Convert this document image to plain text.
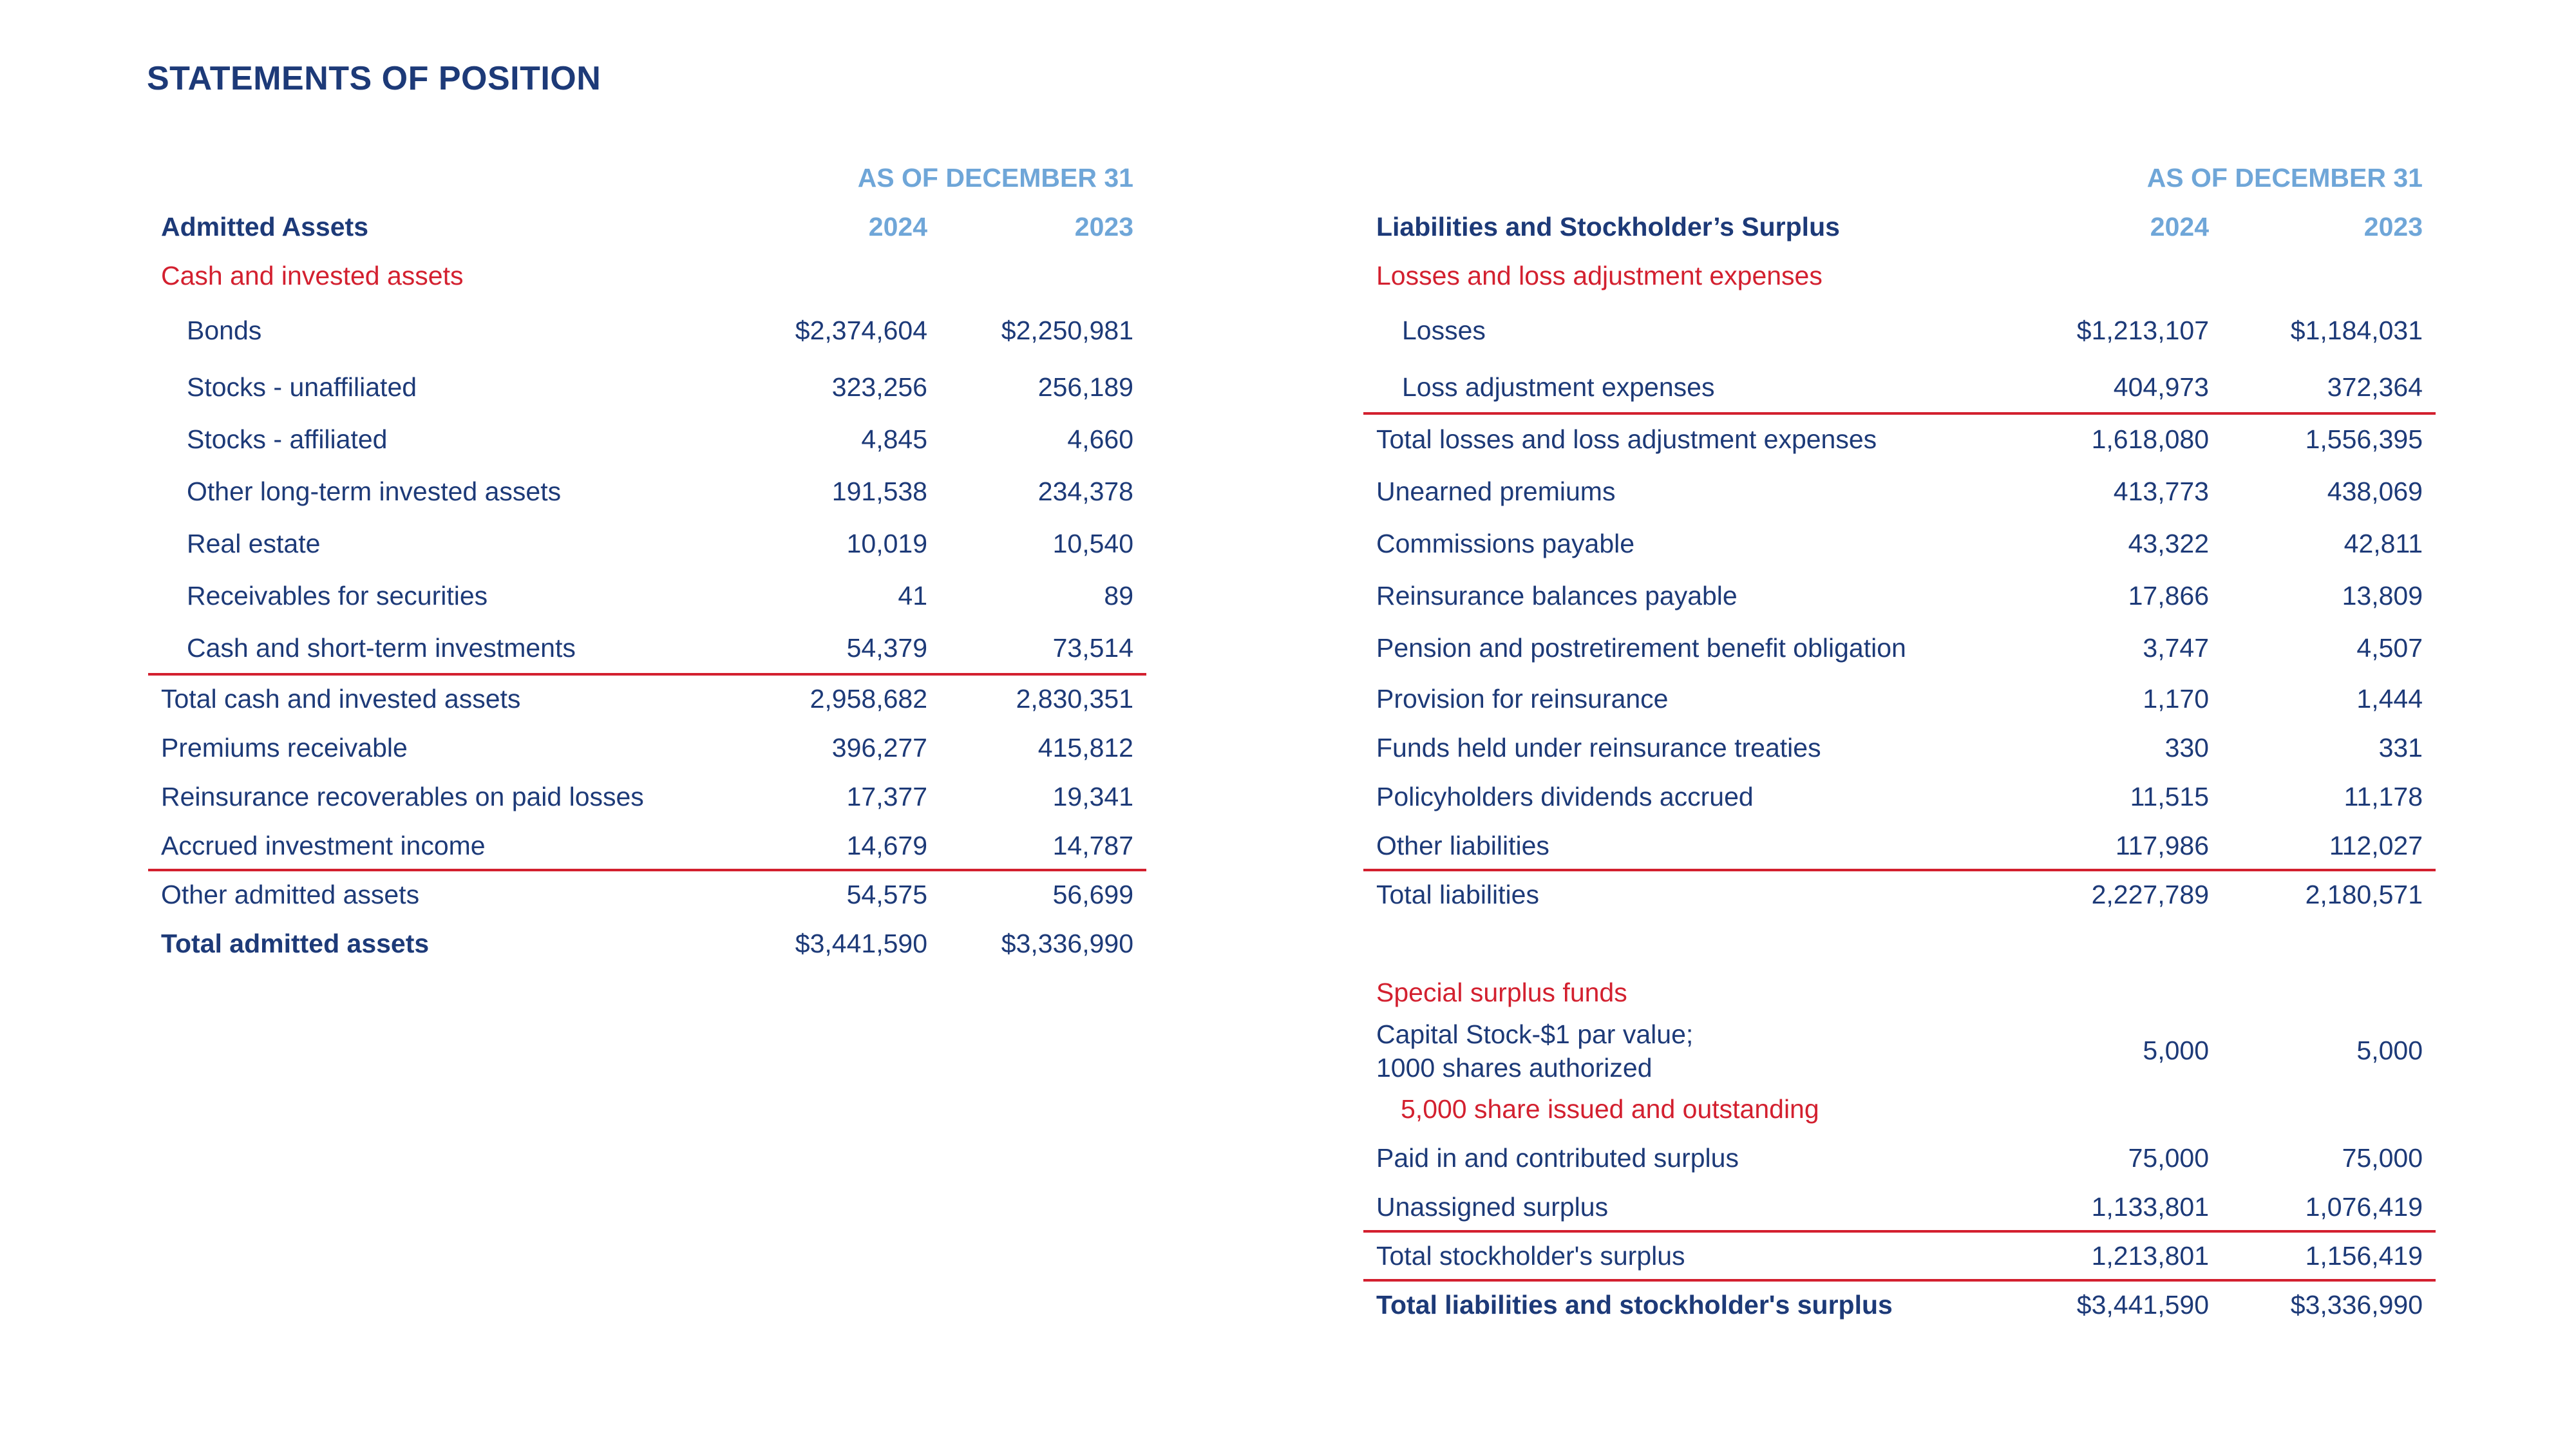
STATEMENTS OF POSITION
AS OF DECEMBER 31
Admitted Assets	2024	2023
Cash and invested assets
Bonds	$2,374,604	$2,250,981
Stocks - unaffiliated	323,256	256,189
Stocks - affiliated	4,845	4,660
Other long-term invested assets	191,538	234,378
Real estate	10,019	10,540
Receivables for securities	41	89
Cash and short-term investments	54,379	73,514
Total cash and invested assets	2,958,682	2,830,351
Premiums receivable	396,277	415,812
Reinsurance recoverables on paid losses	17,377	19,341
Accrued investment income	14,679	14,787
Other admitted assets	54,575	56,699
Total admitted assets	$3,441,590	$3,336,990
AS OF DECEMBER 31
Liabilities and Stockholder’s Surplus	2024	2023
Losses and loss adjustment expenses
Losses	$1,213,107	$1,184,031
Loss adjustment expenses	404,973	372,364
Total losses and loss adjustment expenses	1,618,080	1,556,395
Unearned premiums	413,773	438,069
Commissions payable	43,322	42,811
Reinsurance balances payable	17,866	13,809
Pension and postretirement benefit obligation	3,747	4,507
Provision for reinsurance	1,170	1,444
Funds held under reinsurance treaties	330	331
Policyholders dividends accrued	11,515	11,178
Other liabilities	117,986	112,027
Total liabilities	2,227,789	2,180,571
Special surplus funds
Capital Stock-$1 par value;
1000 shares authorized
5,000	5,000
5,000 share issued and outstanding
Paid in and contributed surplus	75,000	75,000
Unassigned surplus	1,133,801	1,076,419
Total stockholder's surplus	1,213,801	1,156,419
Total liabilities and stockholder's surplus	$3,441,590	$3,336,990
